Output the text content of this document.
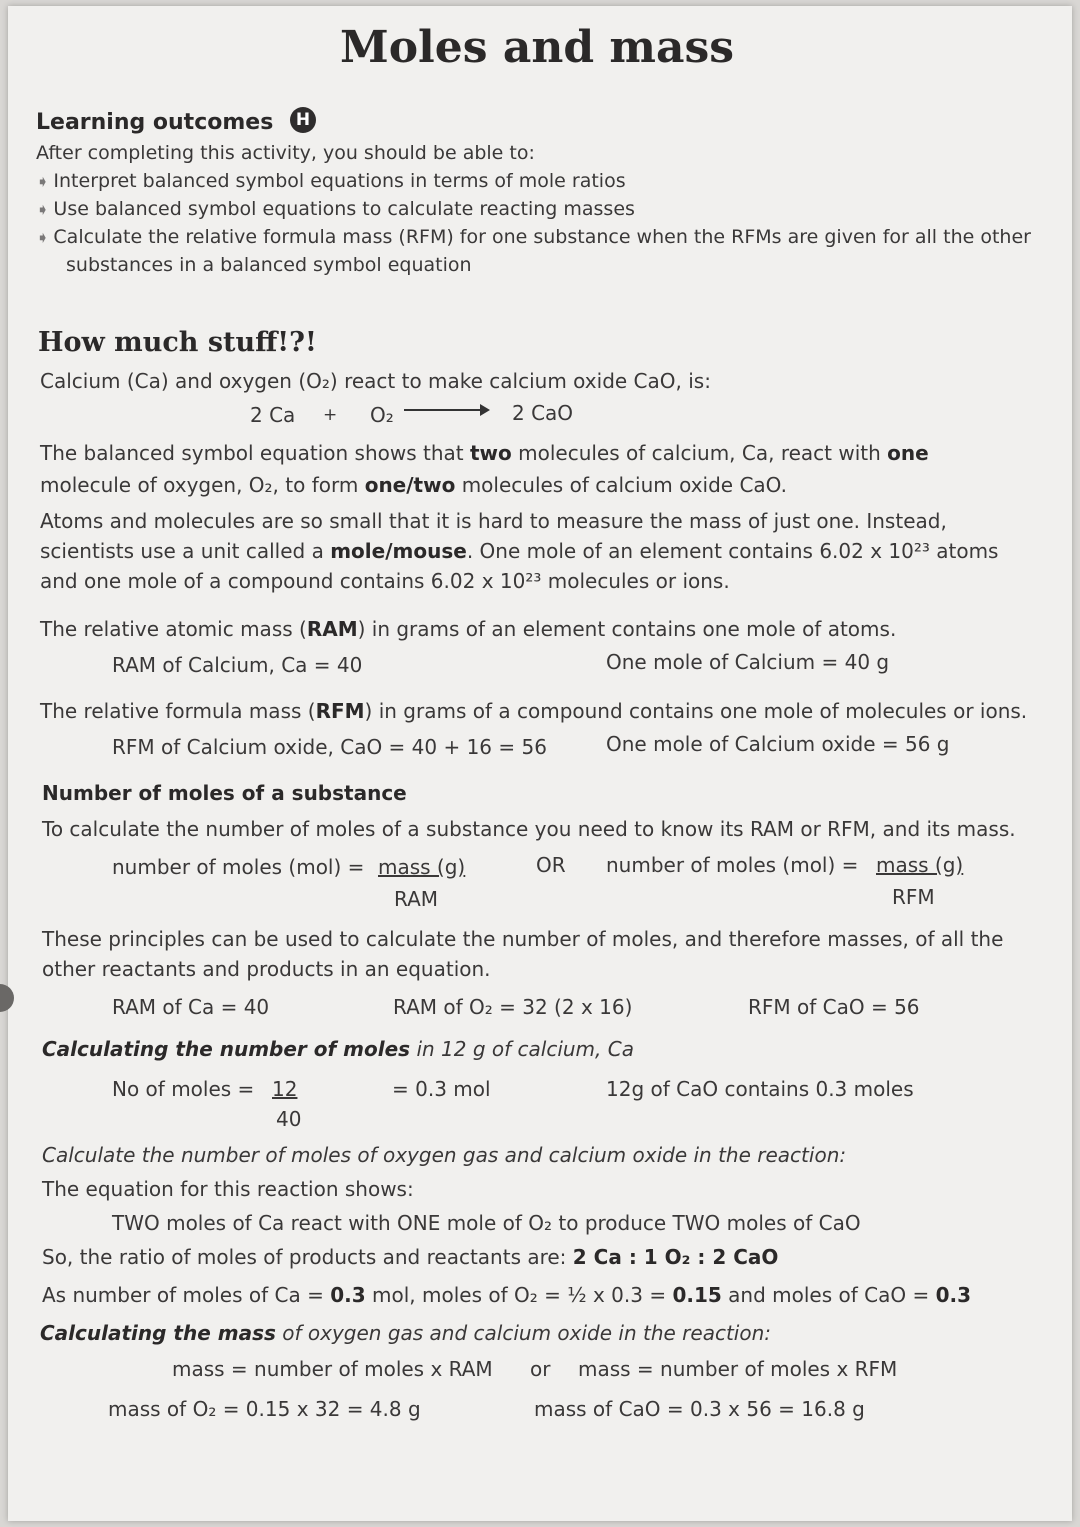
Moles and mass
Learning outcomes	H
After completing this activity, you should be able to:
➧ Interpret balanced symbol equations in terms of mole ratios
➧ Use balanced symbol equations to calculate reacting masses
➧ Calculate the relative formula mass (RFM) for one substance when the RFMs are given for all the other
substances in a balanced symbol equation
How much stuff!?!
Calcium (Ca) and oxygen (O₂) react to make calcium oxide CaO, is:
2 Ca + O₂	2 CaO
The balanced symbol equation shows that two molecules of calcium, Ca, react with one
molecule of oxygen, O₂, to form one/two molecules of calcium oxide CaO.
Atoms and molecules are so small that it is hard to measure the mass of just one. Instead,
scientists use a unit called a mole/mouse. One mole of an element contains 6.02 x 10²³ atoms
and one mole of a compound contains 6.02 x 10²³ molecules or ions.
The relative atomic mass (RAM) in grams of an element contains one mole of atoms.
RAM of Calcium, Ca = 40	One mole of Calcium = 40 g
The relative formula mass (RFM) in grams of a compound contains one mole of molecules or ions.
RFM of Calcium oxide, CaO = 40 + 16 = 56	One mole of Calcium oxide = 56 g
Number of moles of a substance
To calculate the number of moles of a substance you need to know its RAM or RFM, and its mass.
number of moles (mol) = mass (g)
RAM
OR number of moles (mol) = mass (g)
RFM
These principles can be used to calculate the number of moles, and therefore masses, of all the
other reactants and products in an equation.
RAM of Ca = 40	RAM of O₂ = 32 (2 x 16)	RFM of CaO = 56
Calculating the number of moles in 12 g of calcium, Ca
No of moles = 12
40
= 0.3 mol	12g of CaO contains 0.3 moles
Calculate the number of moles of oxygen gas and calcium oxide in the reaction:
The equation for this reaction shows:
TWO moles of Ca react with ONE mole of O₂ to produce TWO moles of CaO
So, the ratio of moles of products and reactants are: 2 Ca : 1 O₂ : 2 CaO
As number of moles of Ca = 0.3 mol, moles of O₂ = ½ x 0.3 = 0.15 and moles of CaO = 0.3
Calculating the mass of oxygen gas and calcium oxide in the reaction:
mass = number of moles x RAM or mass = number of moles x RFM
mass of O₂ = 0.15 x 32 = 4.8 g	mass of CaO = 0.3 x 56 = 16.8 g
